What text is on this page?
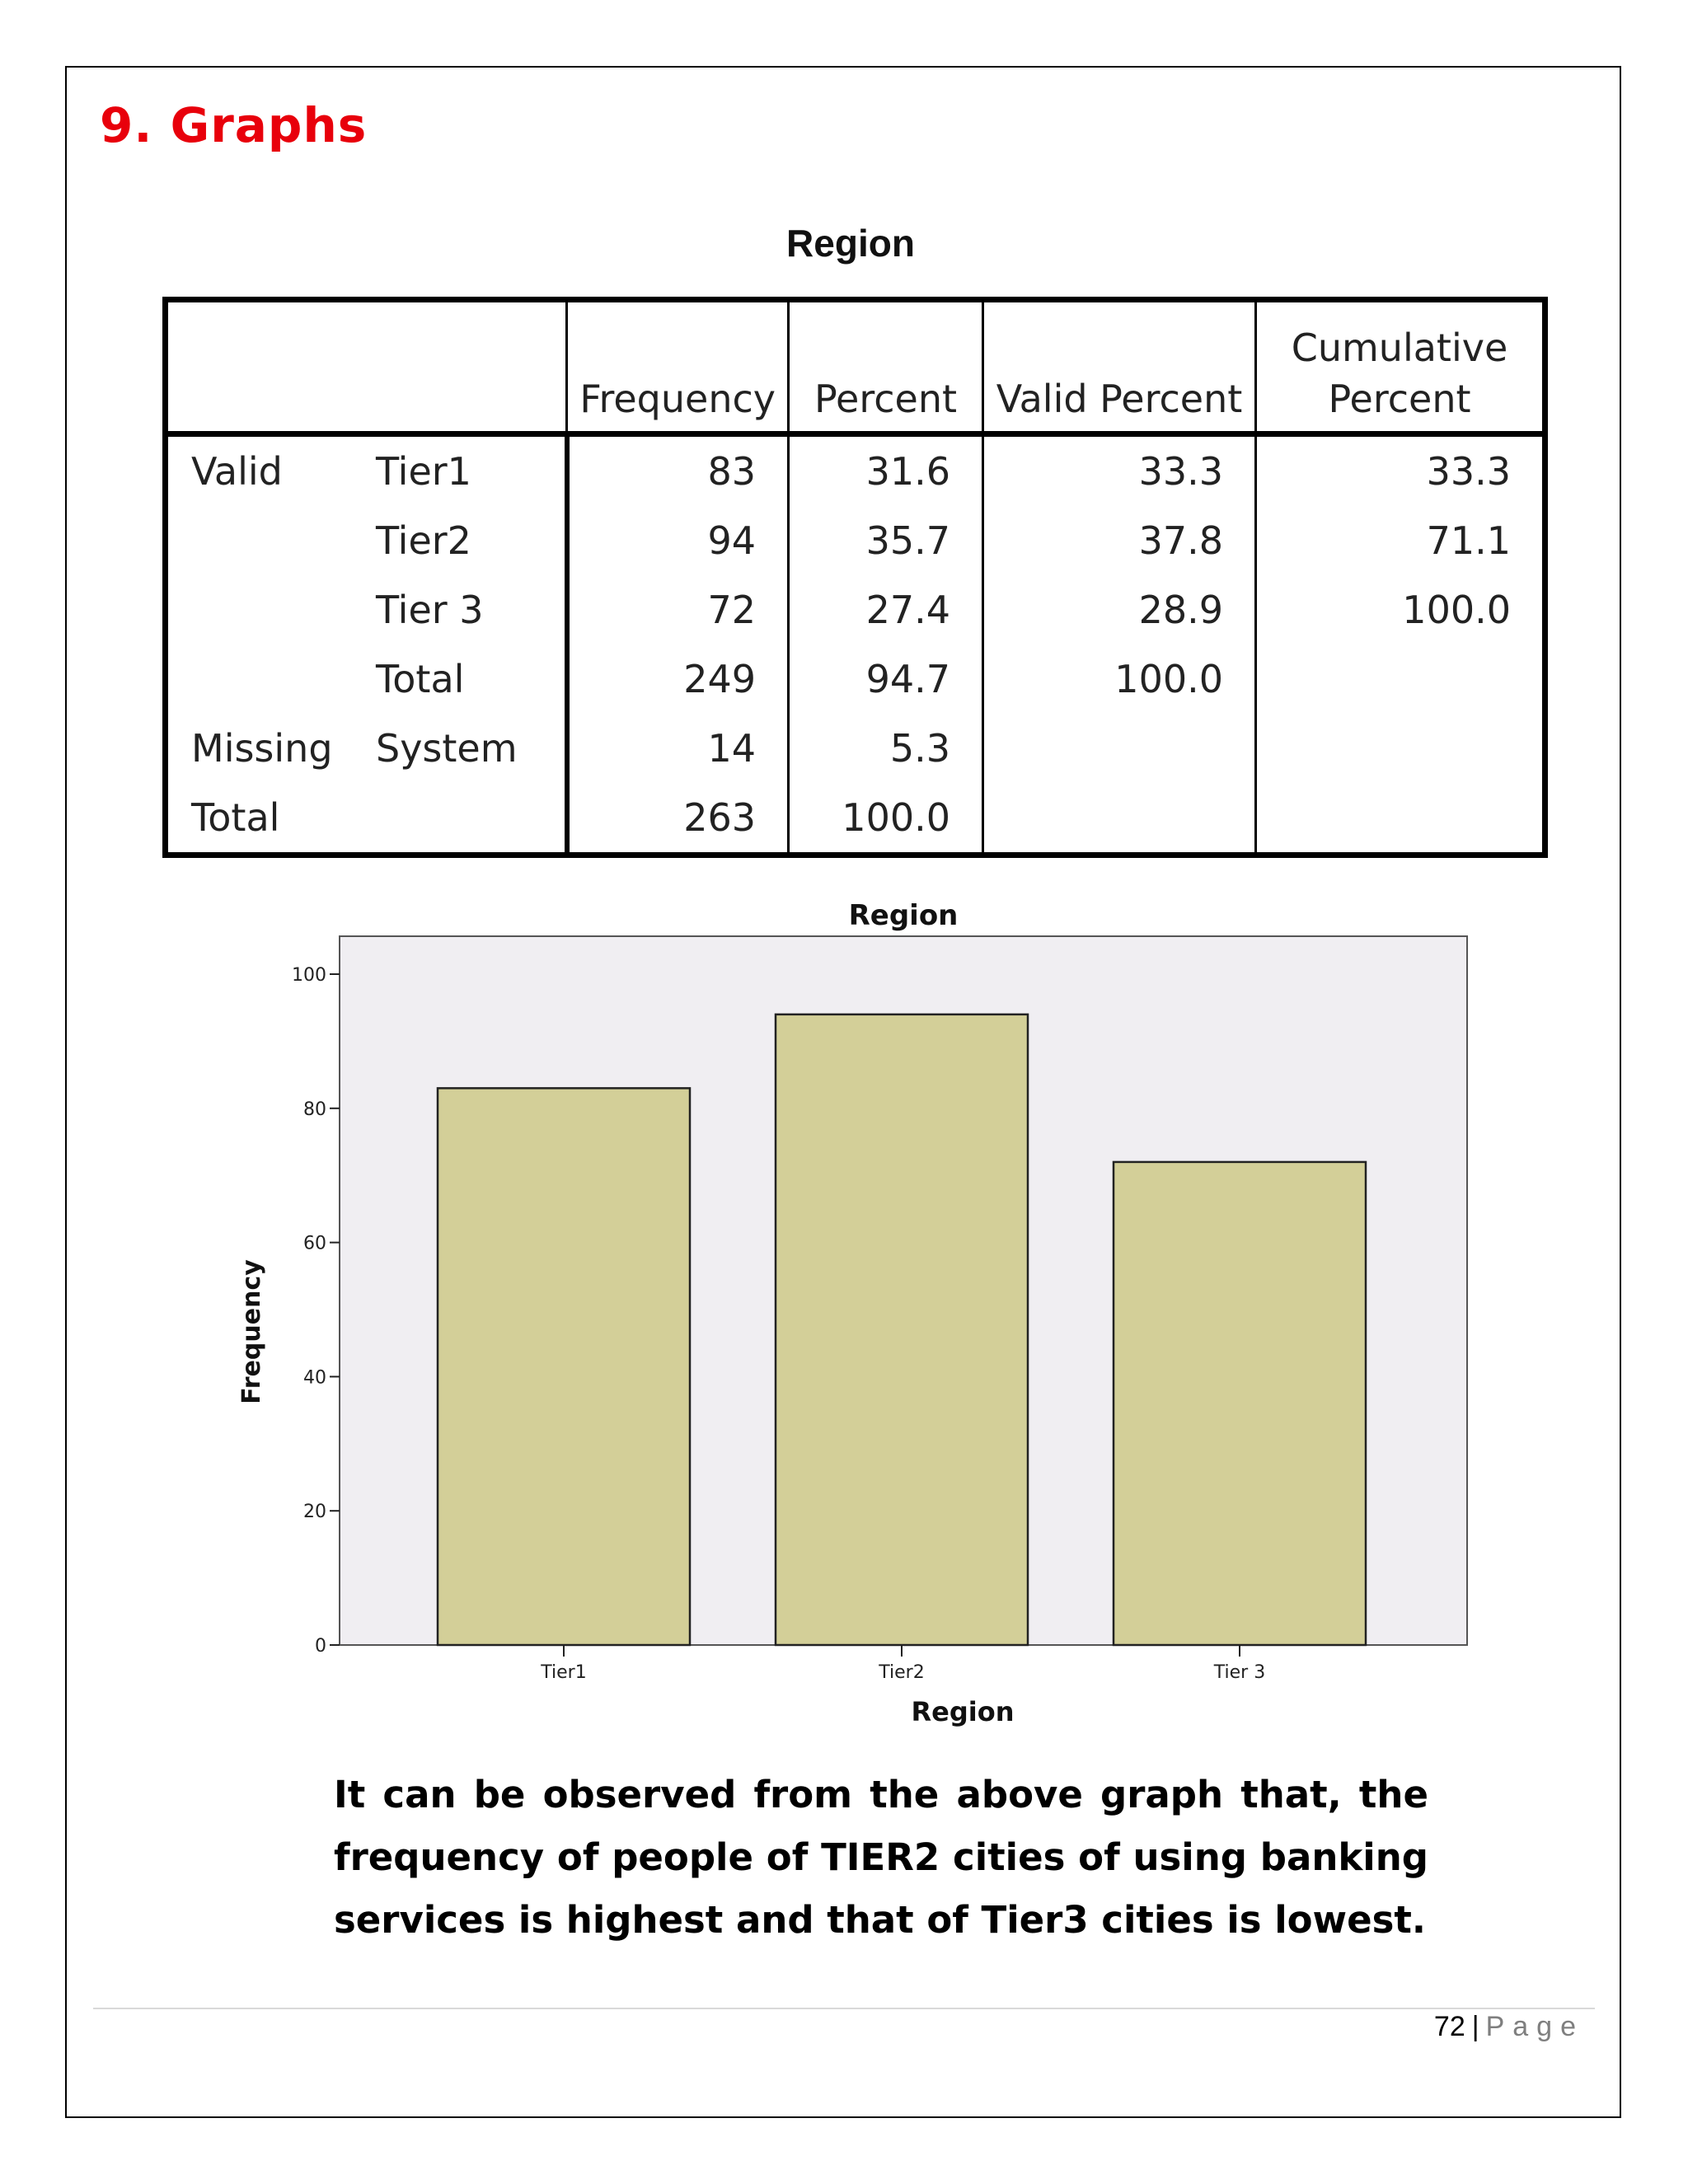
9. Graphs
Region
		Frequency	Percent	Valid Percent	Cumulative
Percent
Valid	Tier1	83	31.6	33.3	33.3
	Tier2	94	35.7	37.8	71.1
	Tier 3	72	27.4	28.9	100.0
	Total	249	94.7	100.0	
Missing	System	14	5.3		
Total		263	100.0		
Region
0
20
40
60
80
100
Frequency
Tier1	Tier2	Tier 3
Region

It can be observed from the above graph that, the frequency of people of TIER2 cities of using banking services is highest and that of Tier3 cities is lowest.

72 | Page
